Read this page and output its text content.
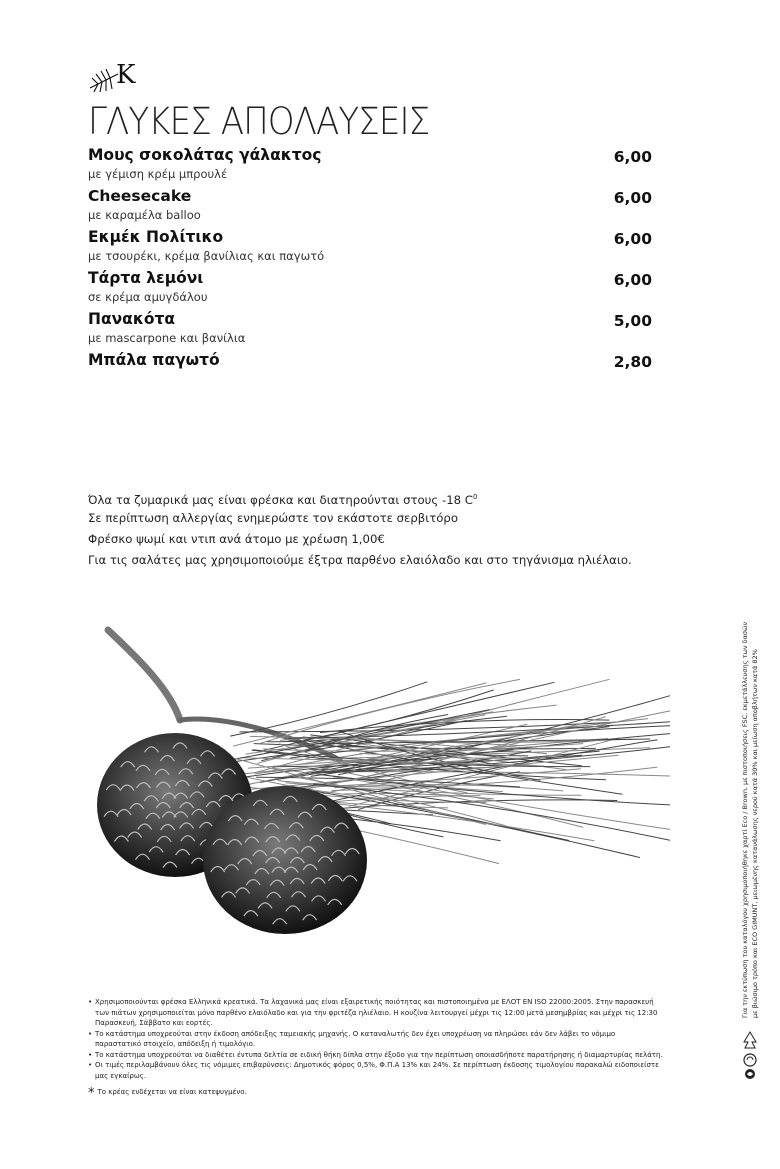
K
ΓΛΥΚΕΣ ΑΠΟΛΑΥΣΕΙΣ
Μους σοκολάτας γάλακτος
με γέμιση κρέμ μπρουλέ
6,00
Cheesecake
με καραμέλα balloo
6,00
Εκμέκ Πολίτικο
με τσουρέκι, κρέμα βανίλιας και παγωτό
6,00
Τάρτα λεμόνι
σε κρέμα αμυγδάλου
6,00
Πανακότα
με mascarpone και βανίλια
5,00
Μπάλα παγωτό	2,80

Όλα τα ζυμαρικά μας είναι φρέσκα και διατηρούνται στους -18 $C^0$

Σε περίπτωση αλλεργίας ενημερώστε τον εκάστοτε σερβιτόρο

Φρέσκο ψωμί και ντιπ ανά άτομο με χρέωση 1,00€

Για τις σαλάτες μας χρησιμοποιούμε έξτρα παρθένο ελαιόλαδο και στο τηγάνισμα ηλιέλαιο.

• Χρησιμοποιούνται φρέσκα Ελληνικά κρεατικά. Τα λαχανικά μας είναι εξαιρετικής ποιότητας και πιστοποιημένα με ΕΛΟΤ EN ISO 22000:2005. Στην παρασκευή των πιάτων χρησιμοποιείται μόνο παρθένο ελαιόλαδο και για την φριτέζα ηλιέλαιο. Η κουζίνα λειτουργεί μέχρι τις 12:00 μετά μεσημβρίας και μέχρι τις 12:30 Παρασκευή, Σάββατο και εορτές.
• Το κατάστημα υποχρεούται στην έκδοση απόδειξης ταμειακής μηχανής. Ο καταναλωτής δεν έχει υποχρέωση να πληρώσει εάν δεν λάβει το νόμιμο παραστατικό στοιχείο, απόδειξη ή τιμολόγιο.
• Το κατάστημα υποχρεούται να διαθέτει έντυπα δελτία σε ειδική θήκη δίπλα στην έξοδο για την περίπτωση οποιασδήποτε παρατήρησης ή διαμαρτυρίας πελάτη.
• Οι τιμές περιλαμβάνουν όλες τις νόμιμες επιβαρύνσεις: Δημοτικός φόρος 0,5%, Φ.Π.Α 13% και 24%. Σε περίπτωση έκδοσης τιμολογίου παρακαλώ ειδοποιείστε μας εγκαίρως.
* Το κρέας ενδέχεται να είναι κατεψυγμένο.

Για την εκτύπωση του καταλόγου χρησιμοποιήθηκε χαρτί Eco / Brown, με πιστοποιήσεις FSC, εκμετάλλευσης των δασών με βιώσιμο τρόπο και ECO GIMUNT, μειωμένης κατανάλωσης νερού κατά 30% και μείωση αποβλήτων κατά 82%
